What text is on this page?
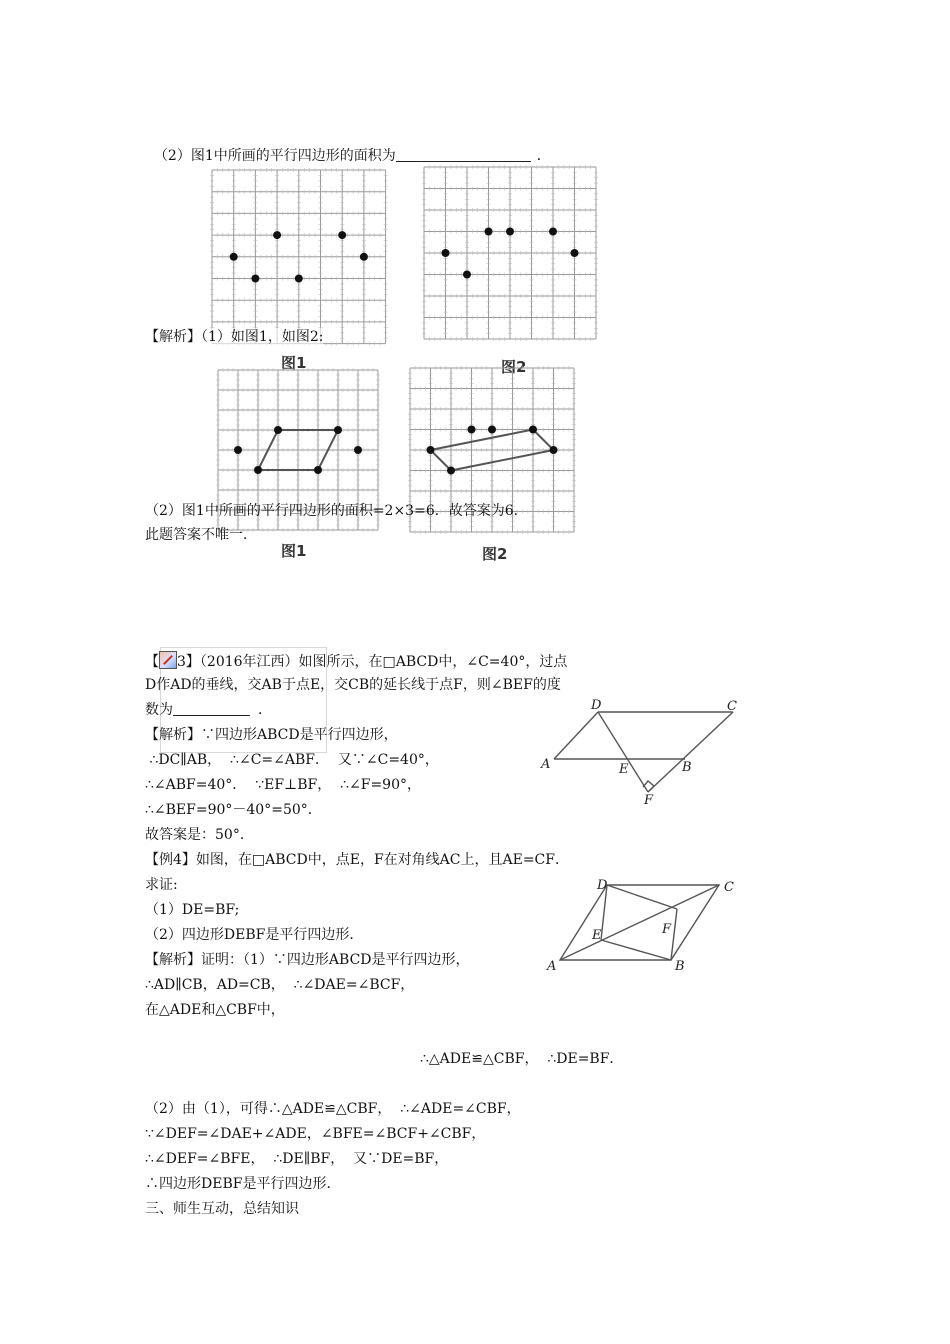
（2）图1中所画的平行四边形的面积为	．

图1	图2
【解析】（1）如图1，如图2:
图1	图2
（2）图1中所画的平行四边形的面积=2×3=6．故答案为6．
此题答案不唯一．
【 3】（2016年江西）如图所示，在□ABCD中，∠C=40°，过点
D作AD的垂线，交AB于点E，交CB的延长线于点F，则∠BEF的度
数为	．
【解析】∵四边形ABCD是平行四边形，
∴DC∥AB，  ∴∠C=∠ABF．  又∵∠C=40°，
∴∠ABF=40°．  ∵EF⊥BF，  ∴∠F=90°，
∴∠BEF=90°－40°=50°．
故答案是：50°．
D	C
A	E	B
F
【例4】如图，在□ABCD中，点E，F在对角线AC上，且AE=CF．
求证:
（1）DE=BF;
（2）四边形DEBF是平行四边形．
【解析】证明：（1）∵四边形ABCD是平行四边形，
∴AD∥CB，AD=CB，  ∴∠DAE=∠BCF，
在△ADE和△CBF中，
∴△ADE≌△CBF，  ∴DE=BF．
（2）由（1），可得∴△ADE≌△CBF，  ∴∠ADE=∠CBF，
∵∠DEF=∠DAE+∠ADE，∠BFE=∠BCF+∠CBF，
∴∠DEF=∠BFE，  ∴DE∥BF，  又∵DE=BF，
∴四边形DEBF是平行四边形．
三、师生互动，总结知识
D	C
A
E	F
B
